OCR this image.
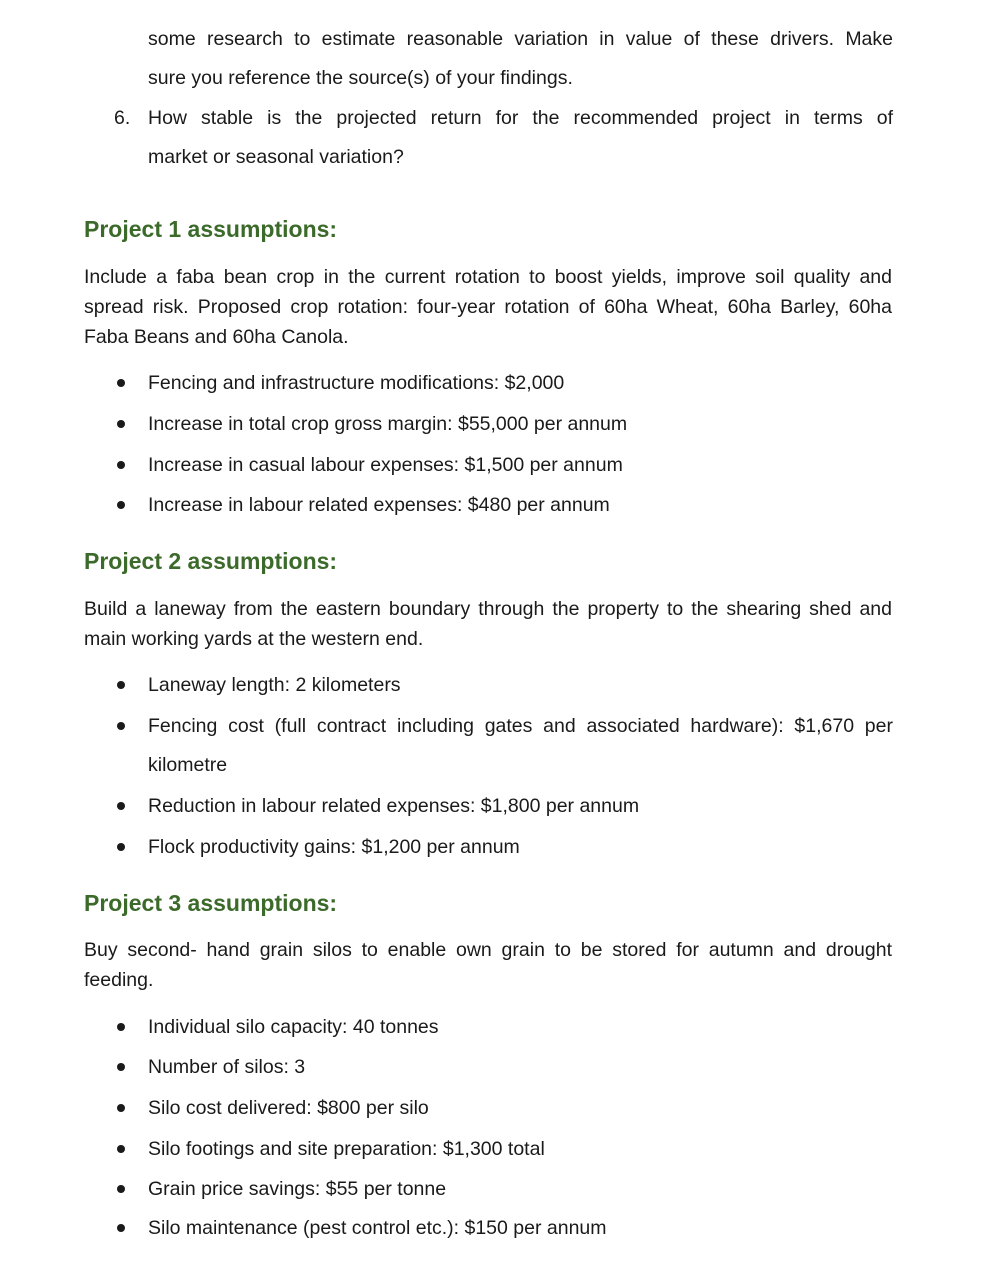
some research to estimate reasonable variation in value of these drivers. Make
sure you reference the source(s) of your findings.
6. How stable is the projected return for the recommended project in terms of
market or seasonal variation?
Project 1 assumptions:
Include a faba bean crop in the current rotation to boost yields, improve soil quality and
spread risk. Proposed crop rotation: four-year rotation of 60ha Wheat, 60ha Barley, 60ha
Faba Beans and 60ha Canola.
Fencing and infrastructure modifications: $2,000
Increase in total crop gross margin: $55,000 per annum
Increase in casual labour expenses: $1,500 per annum
Increase in labour related expenses: $480 per annum
Project 2 assumptions:
Build a laneway from the eastern boundary through the property to the shearing shed and
main working yards at the western end.
Laneway length: 2 kilometers
Fencing cost (full contract including gates and associated hardware): $1,670 per
kilometre
Reduction in labour related expenses: $1,800 per annum
Flock productivity gains: $1,200 per annum
Project 3 assumptions:
Buy second- hand grain silos to enable own grain to be stored for autumn and drought
feeding.
Individual silo capacity: 40 tonnes
Number of silos: 3
Silo cost delivered: $800 per silo
Silo footings and site preparation: $1,300 total
Grain price savings: $55 per tonne
Silo maintenance (pest control etc.): $150 per annum
